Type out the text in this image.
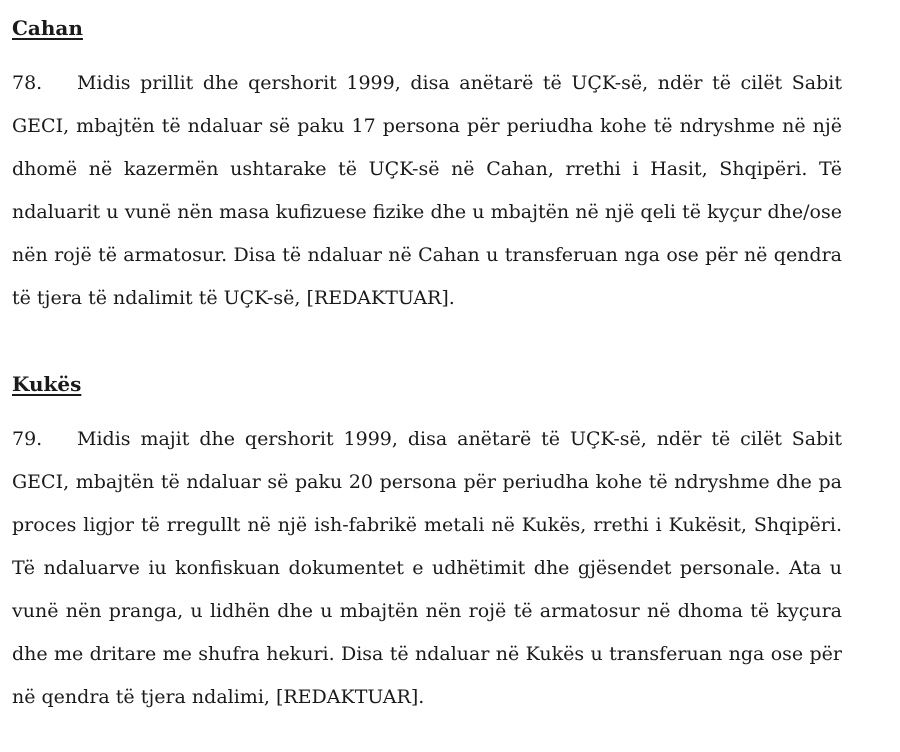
Cahan

78. Midis prillit dhe qershorit 1999, disa anëtarë të UÇK-së, ndër të cilët Sabit GECI, mbajtën të ndaluar së paku 17 persona për periudha kohe të ndryshme në një dhomë në kazermën ushtarake të UÇK-së në Cahan, rrethi i Hasit, Shqipëri. Të ndaluarit u vunë nën masa kufizuese fizike dhe u mbajtën në një qeli të kyçur dhe/ose nën rojë të armatosur. Disa të ndaluar në Cahan u transferuan nga ose për në qendra të tjera të ndalimit të UÇK-së, [REDAKTUAR].

Kukës

79. Midis majit dhe qershorit 1999, disa anëtarë të UÇK-së, ndër të cilët Sabit GECI, mbajtën të ndaluar së paku 20 persona për periudha kohe të ndryshme dhe pa proces ligjor të rregullt në një ish-fabrikë metali në Kukës, rrethi i Kukësit, Shqipëri. Të ndaluarve iu konfiskuan dokumentet e udhëtimit dhe gjësendet personale. Ata u vunë nën pranga, u lidhën dhe u mbajtën nën rojë të armatosur në dhoma të kyçura dhe me dritare me shufra hekuri. Disa të ndaluar në Kukës u transferuan nga ose për në qendra të tjera ndalimi, [REDAKTUAR].
